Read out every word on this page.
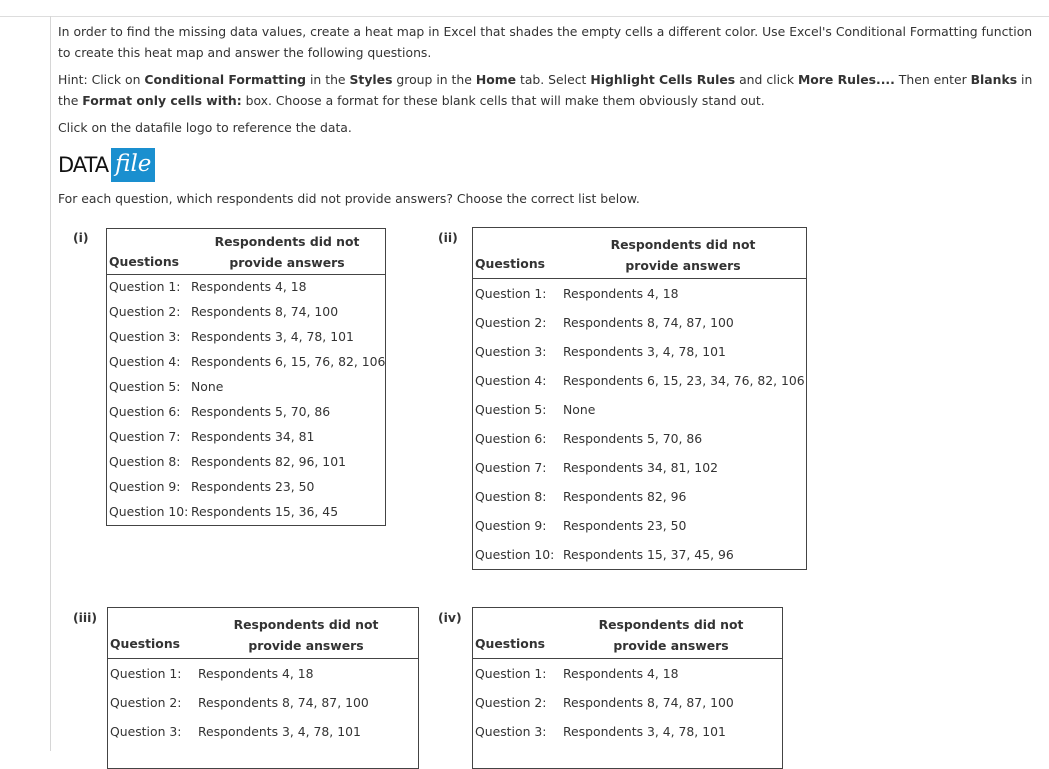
In order to find the missing data values, create a heat map in Excel that shades the empty cells a different color. Use Excel's Conditional Formatting function to create this heat map and answer the following questions.
Hint: Click on Conditional Formatting in the Styles group in the Home tab. Select Highlight Cells Rules and click More Rules.... Then enter Blanks in the Format only cells with: box. Choose a format for these blank cells that will make them obviously stand out.
Click on the datafile logo to reference the data.
DATA file
For each question, which respondents did not provide answers? Choose the correct list below.
(i)
Questions
Respondents did not
provide answers
Question 1: Respondents 4, 18
Question 2: Respondents 8, 74, 100
Question 3: Respondents 3, 4, 78, 101
Question 4: Respondents 6, 15, 76, 82, 106
Question 5: None
Question 6: Respondents 5, 70, 86
Question 7: Respondents 34, 81
Question 8: Respondents 82, 96, 101
Question 9: Respondents 23, 50
Question 10: Respondents 15, 36, 45
(ii)
Questions
Respondents did not
provide answers
Question 1: Respondents 4, 18
Question 2: Respondents 8, 74, 87, 100
Question 3: Respondents 3, 4, 78, 101
Question 4: Respondents 6, 15, 23, 34, 76, 82, 106
Question 5: None
Question 6: Respondents 5, 70, 86
Question 7: Respondents 34, 81, 102
Question 8: Respondents 82, 96
Question 9: Respondents 23, 50
Question 10: Respondents 15, 37, 45, 96
(iii)
Questions
Respondents did not
provide answers
Question 1: Respondents 4, 18
Question 2: Respondents 8, 74, 87, 100
Question 3: Respondents 3, 4, 78, 101
(iv)
Questions
Respondents did not
provide answers
Question 1: Respondents 4, 18
Question 2: Respondents 8, 74, 87, 100
Question 3: Respondents 3, 4, 78, 101
